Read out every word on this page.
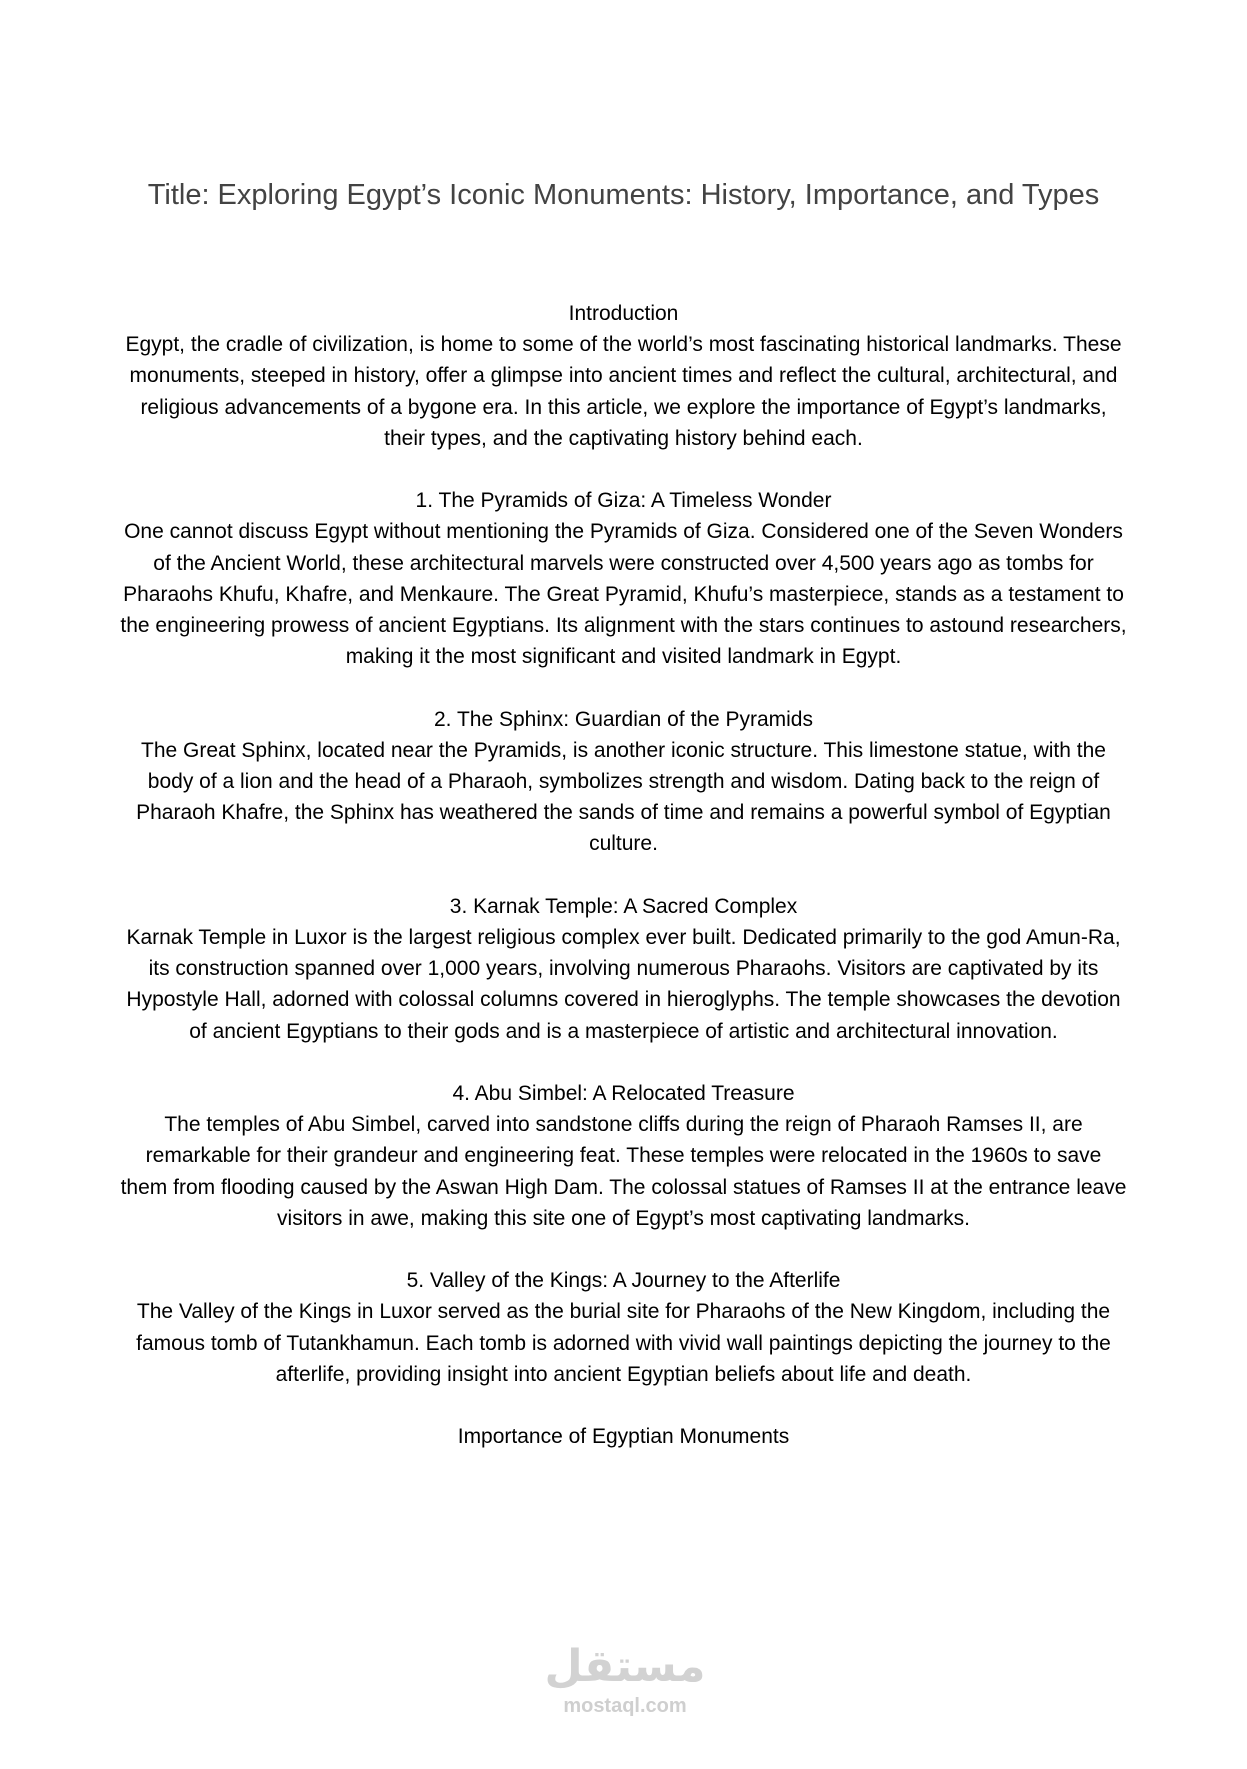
Title: Exploring Egypt’s Iconic Monuments: History, Importance, and Types
Introduction
Egypt, the cradle of civilization, is home to some of the world’s most fascinating historical landmarks. These monuments, steeped in history, offer a glimpse into ancient times and reflect the cultural, architectural, and religious advancements of a bygone era. In this article, we explore the importance of Egypt’s landmarks, their types, and the captivating history behind each.
1. The Pyramids of Giza: A Timeless Wonder
One cannot discuss Egypt without mentioning the Pyramids of Giza. Considered one of the Seven Wonders of the Ancient World, these architectural marvels were constructed over 4,500 years ago as tombs for Pharaohs Khufu, Khafre, and Menkaure. The Great Pyramid, Khufu’s masterpiece, stands as a testament to the engineering prowess of ancient Egyptians. Its alignment with the stars continues to astound researchers, making it the most significant and visited landmark in Egypt.
2. The Sphinx: Guardian of the Pyramids
The Great Sphinx, located near the Pyramids, is another iconic structure. This limestone statue, with the body of a lion and the head of a Pharaoh, symbolizes strength and wisdom. Dating back to the reign of Pharaoh Khafre, the Sphinx has weathered the sands of time and remains a powerful symbol of Egyptian culture.
3. Karnak Temple: A Sacred Complex
Karnak Temple in Luxor is the largest religious complex ever built. Dedicated primarily to the god Amun-Ra, its construction spanned over 1,000 years, involving numerous Pharaohs. Visitors are captivated by its Hypostyle Hall, adorned with colossal columns covered in hieroglyphs. The temple showcases the devotion of ancient Egyptians to their gods and is a masterpiece of artistic and architectural innovation.
4. Abu Simbel: A Relocated Treasure
The temples of Abu Simbel, carved into sandstone cliffs during the reign of Pharaoh Ramses II, are remarkable for their grandeur and engineering feat. These temples were relocated in the 1960s to save them from flooding caused by the Aswan High Dam. The colossal statues of Ramses II at the entrance leave visitors in awe, making this site one of Egypt’s most captivating landmarks.
5. Valley of the Kings: A Journey to the Afterlife
The Valley of the Kings in Luxor served as the burial site for Pharaohs of the New Kingdom, including the famous tomb of Tutankhamun. Each tomb is adorned with vivid wall paintings depicting the journey to the afterlife, providing insight into ancient Egyptian beliefs about life and death.
Importance of Egyptian Monuments
مستقل
mostaql.com
